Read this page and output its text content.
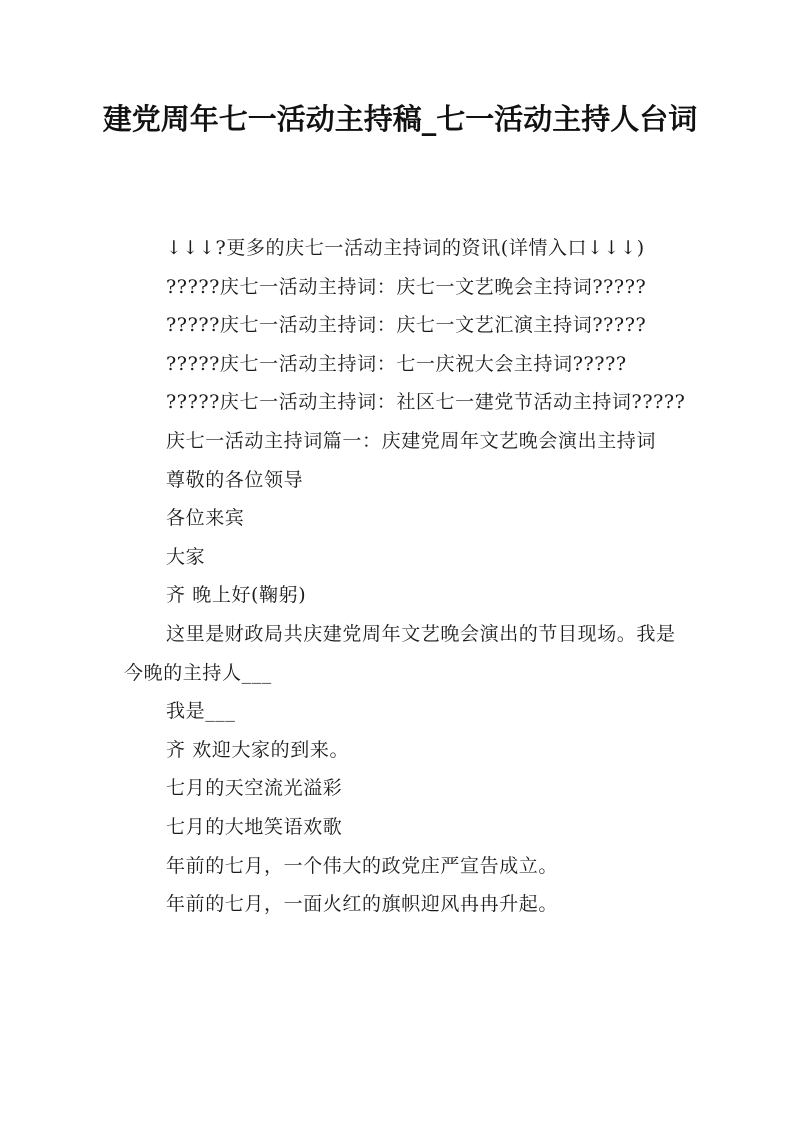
建党周年七一活动主持稿_七一活动主持人台词

↓↓↓?更多的庆七一活动主持词的资讯(详情入口↓↓↓)

?????庆七一活动主持词：庆七一文艺晚会主持词?????

?????庆七一活动主持词：庆七一文艺汇演主持词?????

?????庆七一活动主持词：七一庆祝大会主持词?????

?????庆七一活动主持词：社区七一建党节活动主持词?????

庆七一活动主持词篇一：庆建党周年文艺晚会演出主持词

尊敬的各位领导

各位来宾

大家

齐 晚上好(鞠躬)

这里是财政局共庆建党周年文艺晚会演出的节目现场。我是今晚的主持人___

我是___

齐 欢迎大家的到来。

七月的天空流光溢彩

七月的大地笑语欢歌

年前的七月，一个伟大的政党庄严宣告成立。

年前的七月，一面火红的旗帜迎风冉冉升起。
